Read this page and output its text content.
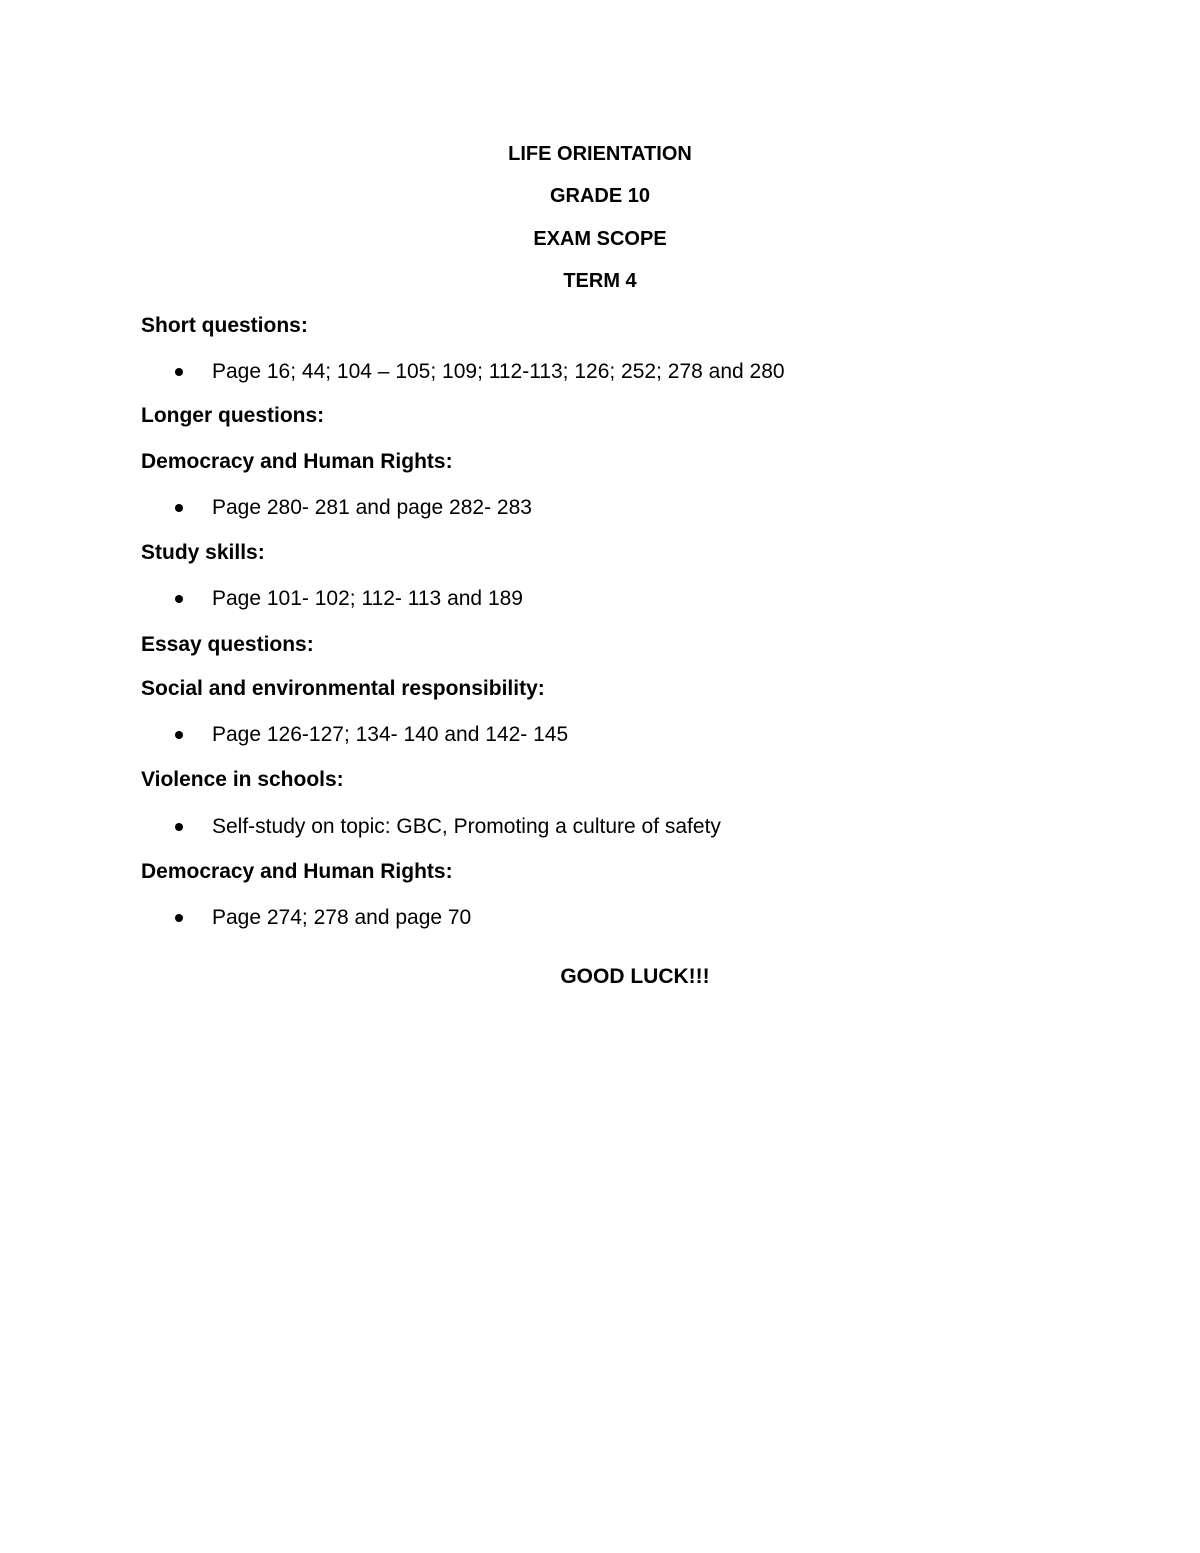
LIFE ORIENTATION
GRADE 10
EXAM SCOPE
TERM 4
Short questions:
Page 16; 44; 104 – 105; 109; 112-113; 126; 252; 278 and 280
Longer questions:
Democracy and Human Rights:
Page 280- 281 and page 282- 283
Study skills:
Page 101- 102; 112- 113 and 189
Essay questions:
Social and environmental responsibility:
Page 126-127; 134- 140 and 142- 145
Violence in schools:
Self-study on topic: GBC, Promoting a culture of safety
Democracy and Human Rights:
Page 274; 278 and page 70
GOOD LUCK!!!
